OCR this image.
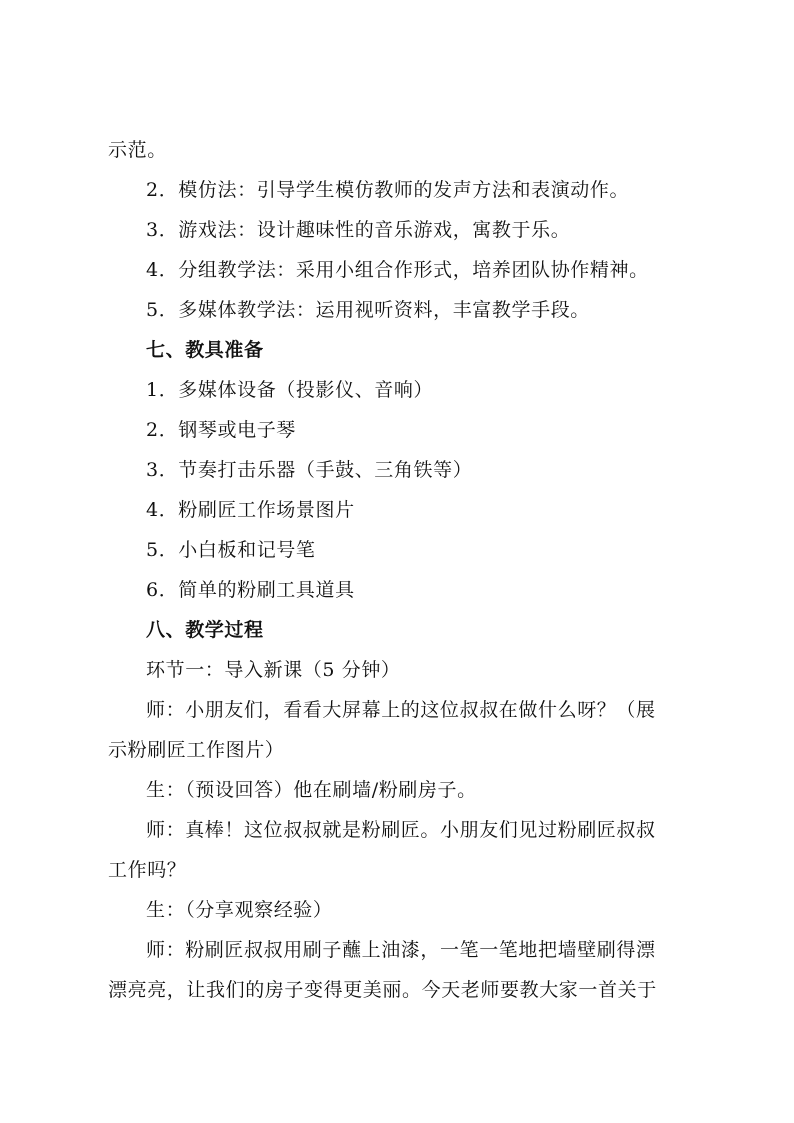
示范。
2．模仿法：引导学生模仿教师的发声方法和表演动作。
3．游戏法：设计趣味性的音乐游戏，寓教于乐。
4．分组教学法：采用小组合作形式，培养团队协作精神。
5．多媒体教学法：运用视听资料，丰富教学手段。
七、教具准备
1．多媒体设备（投影仪、音响）
2．钢琴或电子琴
3．节奏打击乐器（手鼓、三角铁等）
4．粉刷匠工作场景图片
5．小白板和记号笔
6．简单的粉刷工具道具
八、教学过程
环节一：导入新课（5 分钟）
师：小朋友们，看看大屏幕上的这位叔叔在做什么呀？（展
示粉刷匠工作图片）
生：（预设回答）他在刷墙/粉刷房子。
师：真棒！这位叔叔就是粉刷匠。小朋友们见过粉刷匠叔叔
工作吗？
生：（分享观察经验）
师：粉刷匠叔叔用刷子蘸上油漆，一笔一笔地把墙壁刷得漂
漂亮亮，让我们的房子变得更美丽。今天老师要教大家一首关于
